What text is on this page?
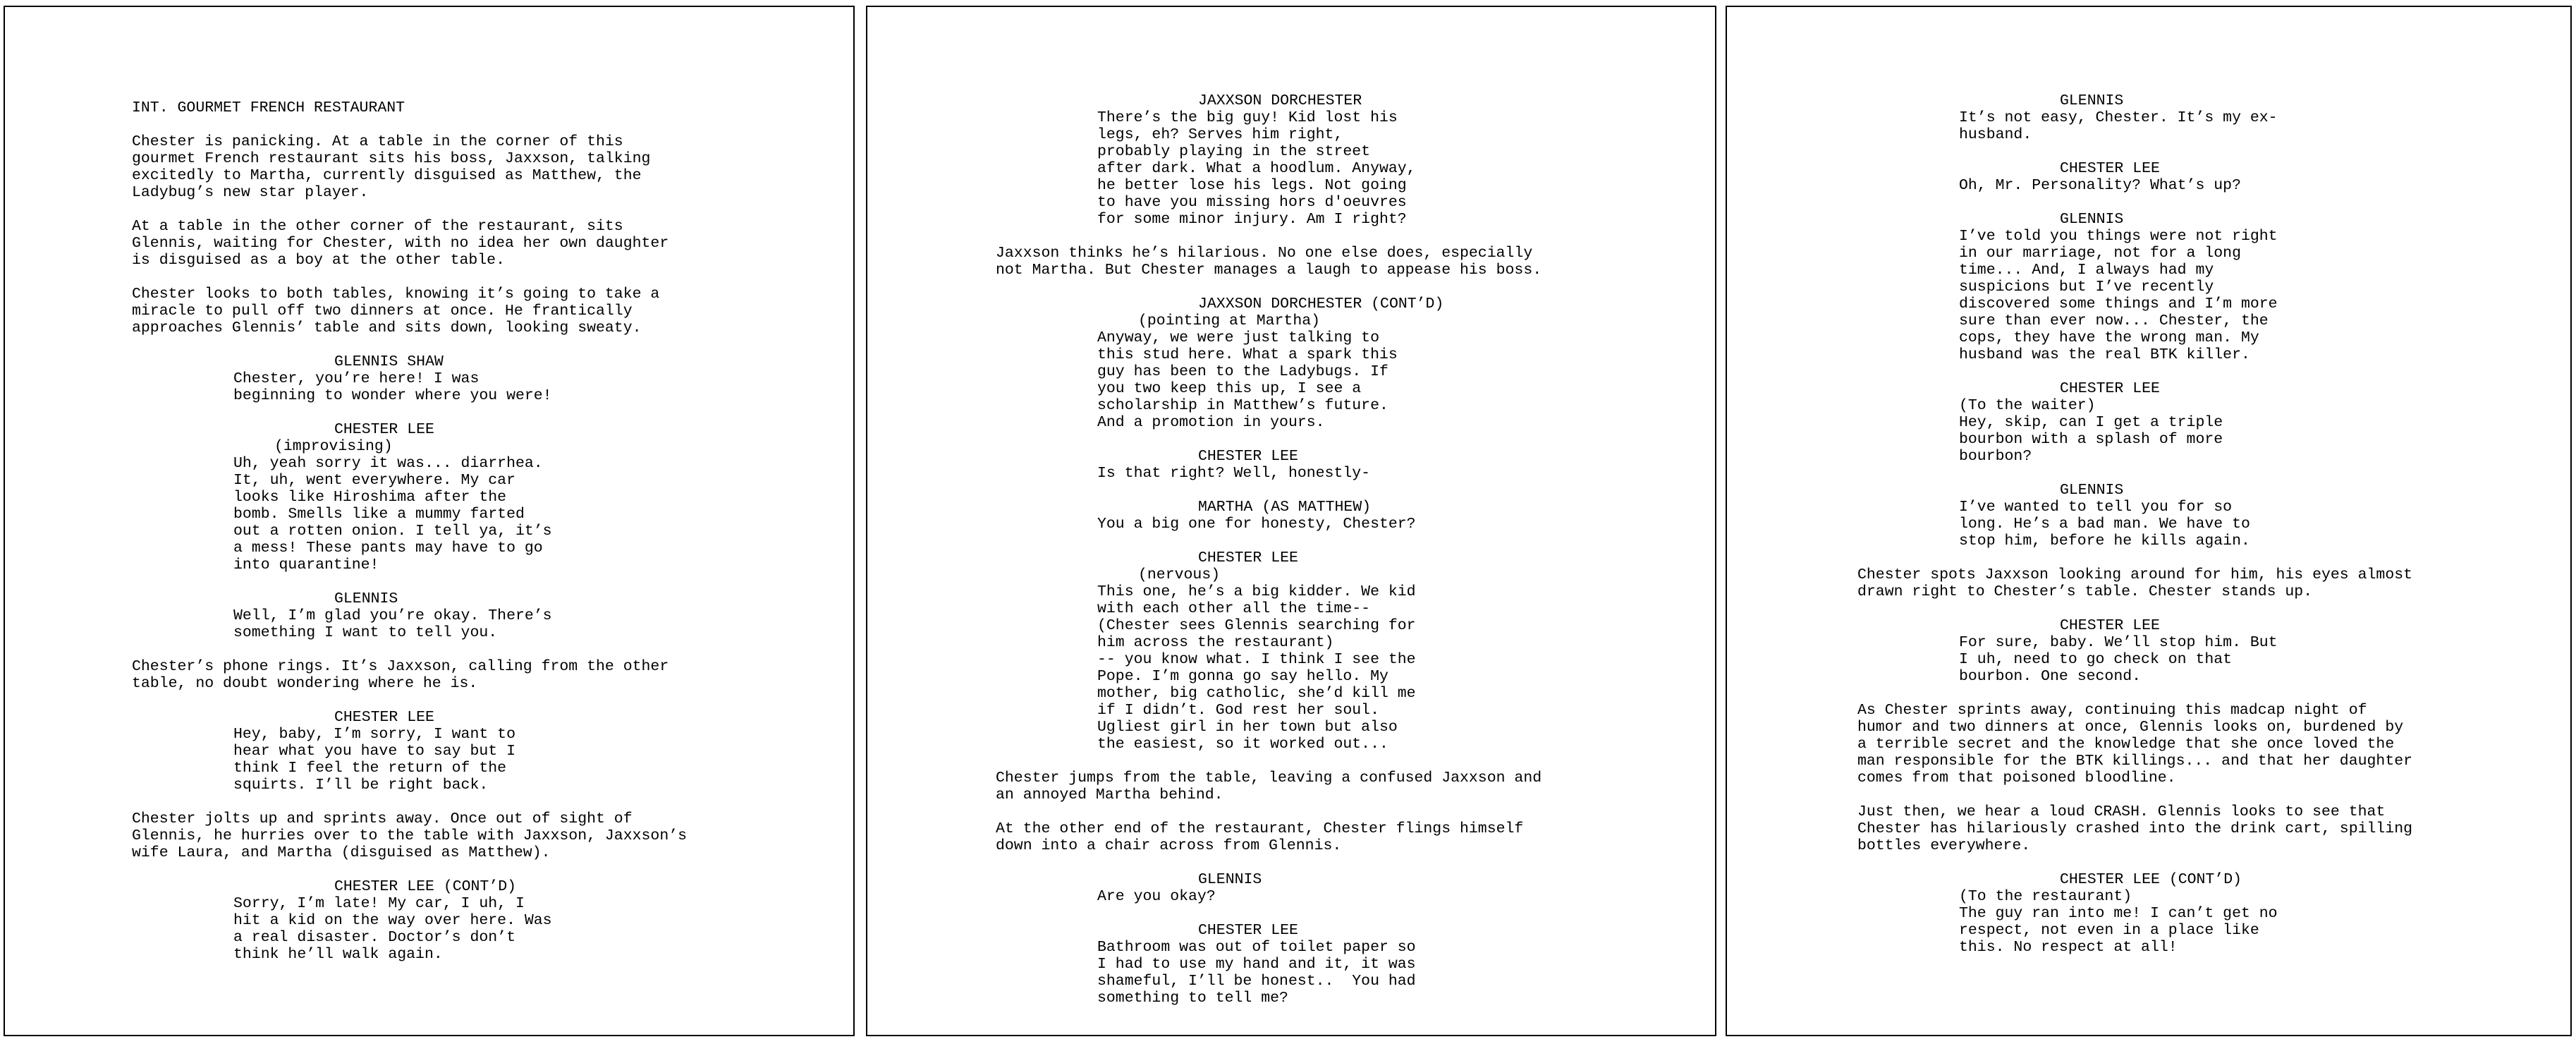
INT. GOURMET FRENCH RESTAURANT
Chester is panicking. At a table in the corner of this
gourmet French restaurant sits his boss, Jaxxson, talking
excitedly to Martha, currently disguised as Matthew, the
Ladybug’s new star player.
At a table in the other corner of the restaurant, sits
Glennis, waiting for Chester, with no idea her own daughter
is disguised as a boy at the other table.
Chester looks to both tables, knowing it’s going to take a
miracle to pull off two dinners at once. He frantically
approaches Glennis’ table and sits down, looking sweaty.
GLENNIS SHAW
Chester, you’re here! I was
beginning to wonder where you were!
CHESTER LEE
(improvising)
Uh, yeah sorry it was... diarrhea.
It, uh, went everywhere. My car
looks like Hiroshima after the
bomb. Smells like a mummy farted
out a rotten onion. I tell ya, it’s
a mess! These pants may have to go
into quarantine!
GLENNIS
Well, I’m glad you’re okay. There’s
something I want to tell you.
Chester’s phone rings. It’s Jaxxson, calling from the other
table, no doubt wondering where he is.
CHESTER LEE
Hey, baby, I’m sorry, I want to
hear what you have to say but I
think I feel the return of the
squirts. I’ll be right back.
Chester jolts up and sprints away. Once out of sight of
Glennis, he hurries over to the table with Jaxxson, Jaxxson’s
wife Laura, and Martha (disguised as Matthew).
CHESTER LEE (CONT’D)
Sorry, I’m late! My car, I uh, I
hit a kid on the way over here. Was
a real disaster. Doctor’s don’t
think he’ll walk again.
JAXXSON DORCHESTER
There’s the big guy! Kid lost his
legs, eh? Serves him right,
probably playing in the street
after dark. What a hoodlum. Anyway,
he better lose his legs. Not going
to have you missing hors d'oeuvres
for some minor injury. Am I right?
Jaxxson thinks he’s hilarious. No one else does, especially
not Martha. But Chester manages a laugh to appease his boss.
JAXXSON DORCHESTER (CONT’D)
(pointing at Martha)
Anyway, we were just talking to
this stud here. What a spark this
guy has been to the Ladybugs. If
you two keep this up, I see a
scholarship in Matthew’s future.
And a promotion in yours.
CHESTER LEE
Is that right? Well, honestly-
MARTHA (AS MATTHEW)
You a big one for honesty, Chester?
CHESTER LEE
(nervous)
This one, he’s a big kidder. We kid
with each other all the time--
(Chester sees Glennis searching for
him across the restaurant)
-- you know what. I think I see the
Pope. I’m gonna go say hello. My
mother, big catholic, she’d kill me
if I didn’t. God rest her soul.
Ugliest girl in her town but also
the easiest, so it worked out...
Chester jumps from the table, leaving a confused Jaxxson and
an annoyed Martha behind.
At the other end of the restaurant, Chester flings himself
down into a chair across from Glennis.
GLENNIS
Are you okay?
CHESTER LEE
Bathroom was out of toilet paper so
I had to use my hand and it, it was
shameful, I’ll be honest..  You had
something to tell me?
GLENNIS
It’s not easy, Chester. It’s my ex-
husband.
CHESTER LEE
Oh, Mr. Personality? What’s up?
GLENNIS
I’ve told you things were not right
in our marriage, not for a long
time... And, I always had my
suspicions but I’ve recently
discovered some things and I’m more
sure than ever now... Chester, the
cops, they have the wrong man. My
husband was the real BTK killer.
CHESTER LEE
(To the waiter)
Hey, skip, can I get a triple
bourbon with a splash of more
bourbon?
GLENNIS
I’ve wanted to tell you for so
long. He’s a bad man. We have to
stop him, before he kills again.
Chester spots Jaxxson looking around for him, his eyes almost
drawn right to Chester’s table. Chester stands up.
CHESTER LEE
For sure, baby. We’ll stop him. But
I uh, need to go check on that
bourbon. One second.
As Chester sprints away, continuing this madcap night of
humor and two dinners at once, Glennis looks on, burdened by
a terrible secret and the knowledge that she once loved the
man responsible for the BTK killings... and that her daughter
comes from that poisoned bloodline.
Just then, we hear a loud CRASH. Glennis looks to see that
Chester has hilariously crashed into the drink cart, spilling
bottles everywhere.
CHESTER LEE (CONT’D)
(To the restaurant)
The guy ran into me! I can’t get no
respect, not even in a place like
this. No respect at all!
